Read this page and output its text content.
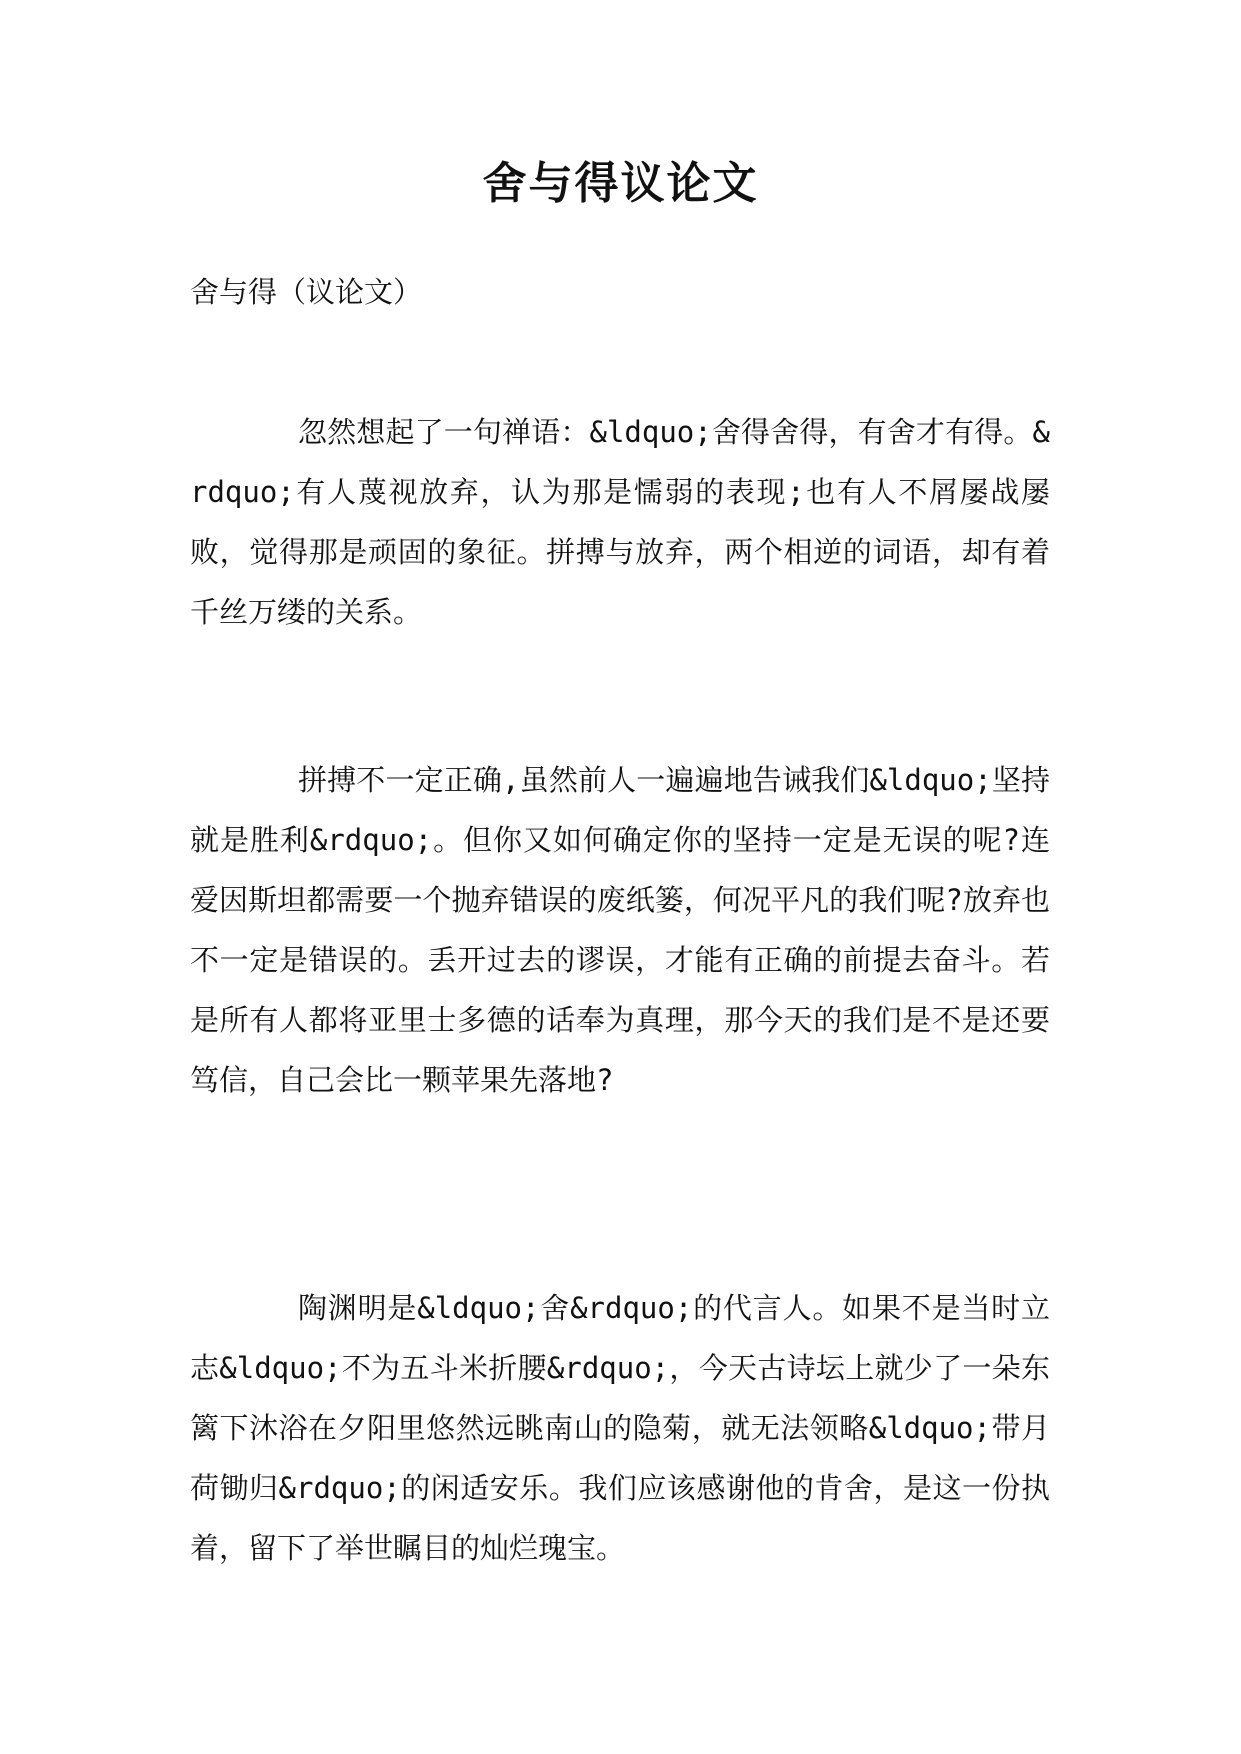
舍与得议论文

舍与得（议论文）

忽然想起了一句禅语：&ldquo;舍得舍得，有舍才有得。&rdquo;有人蔑视放弃，认为那是懦弱的表现;也有人不屑屡战屡败，觉得那是顽固的象征。拼搏与放弃，两个相逆的词语，却有着千丝万缕的关系。

拼搏不一定正确,虽然前人一遍遍地告诫我们&ldquo;坚持就是胜利&rdquo;。但你又如何确定你的坚持一定是无误的呢?连爱因斯坦都需要一个抛弃错误的废纸篓，何况平凡的我们呢?放弃也不一定是错误的。丢开过去的谬误，才能有正确的前提去奋斗。若是所有人都将亚里士多德的话奉为真理，那今天的我们是不是还要笃信，自己会比一颗苹果先落地?

陶渊明是&ldquo;舍&rdquo;的代言人。如果不是当时立志&ldquo;不为五斗米折腰&rdquo;，今天古诗坛上就少了一朵东篱下沐浴在夕阳里悠然远眺南山的隐菊，就无法领略&ldquo;带月荷锄归&rdquo;的闲适安乐。我们应该感谢他的肯舍，是这一份执着，留下了举世瞩目的灿烂瑰宝。
